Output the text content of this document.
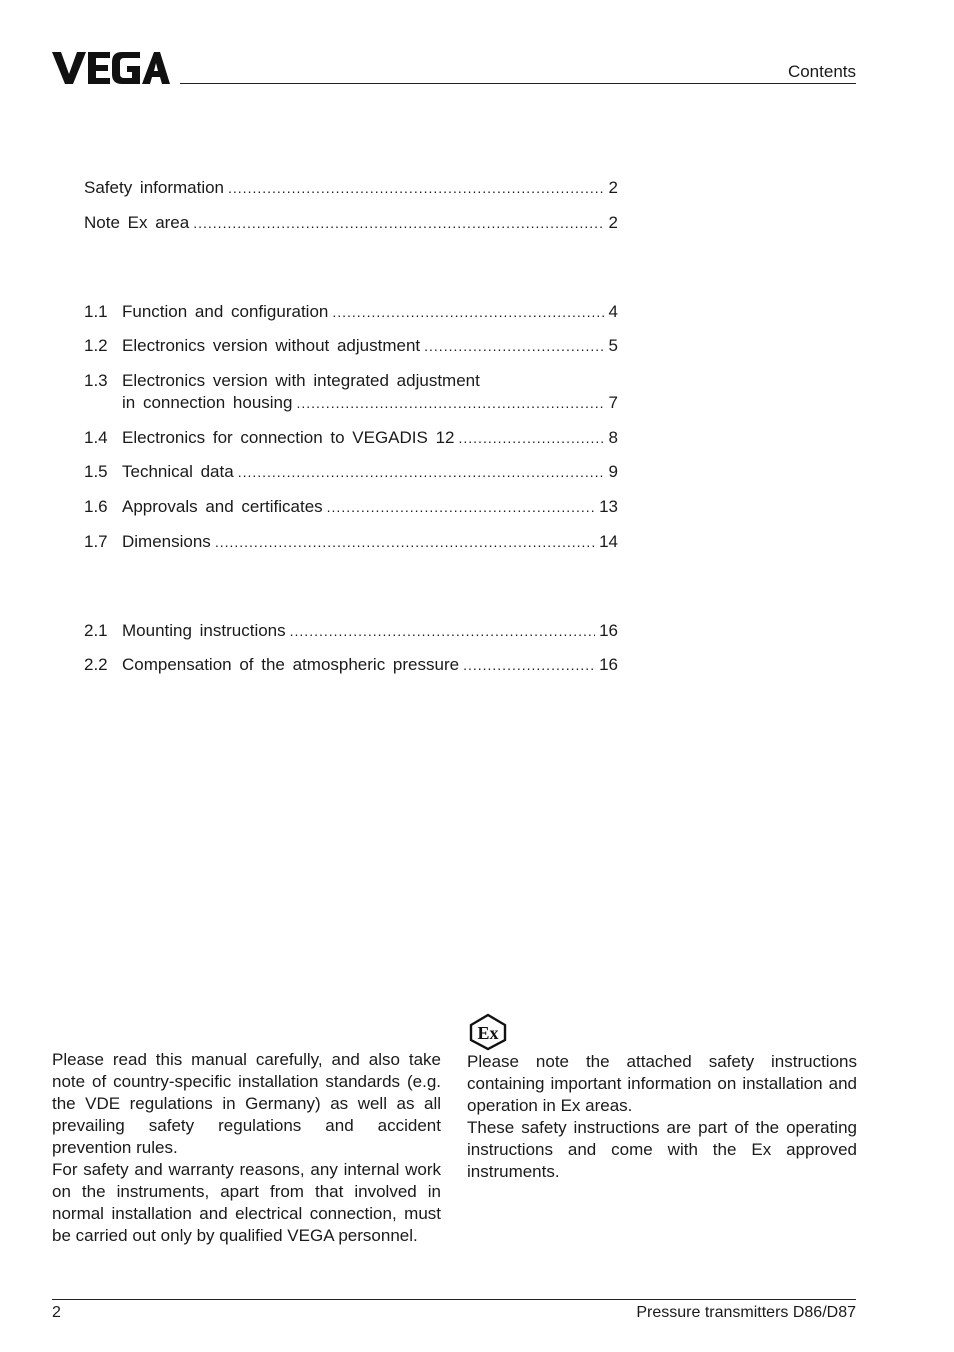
Contents
Safety information .....	2
Note Ex area .....	2
1.1 Function and configuration .....	4
1.2 Electronics version without adjustment .....	5
1.3 Electronics version with integrated adjustment
in connection housing .....	7
1.4 Electronics for connection to VEGADIS 12 .....	8
1.5 Technical data .....	9
1.6 Approvals and certificates .....	13
1.7 Dimensions .....	14
2.1 Mounting instructions .....	16
2.2 Compensation of the atmospheric pressure .....	16

Please read this manual carefully, and also take note of country-specific installation standards (e.g. the VDE regulations in Germany) as well as all prevailing safety regulations and accident prevention rules.

For safety and warranty reasons, any internal work on the instruments, apart from that involved in normal installation and electrical connection, must be carried out only by qualified VEGA personnel.

Ex

Please note the attached safety instructions containing important information on installation and operation in Ex areas.

These safety instructions are part of the operating instructions and come with the Ex approved instruments.

2	Pressure transmitters D86/D87
